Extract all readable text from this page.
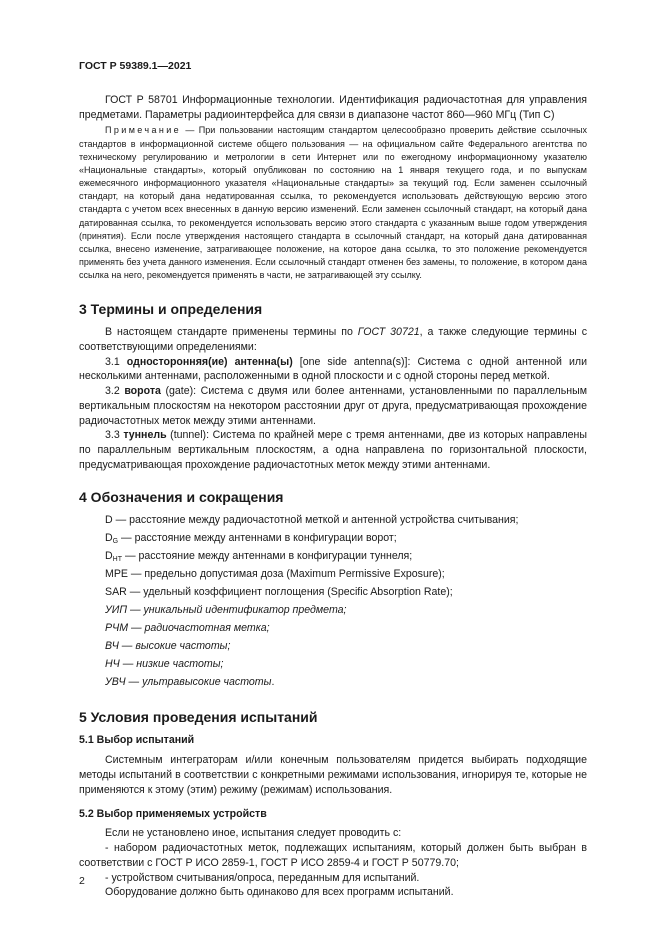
ГОСТ Р 59389.1—2021

ГОСТ Р 58701 Информационные технологии. Идентификация радиочастотная для управления предметами. Параметры радиоинтерфейса для связи в диапазоне частот 860—960 МГц (Тип С)

Примечание — При пользовании настоящим стандартом целесообразно проверить действие ссылочных стандартов в информационной системе общего пользования — на официальном сайте Федерального агентства по техническому регулированию и метрологии в сети Интернет или по ежегодному информационному указателю «Национальные стандарты», который опубликован по состоянию на 1 января текущего года, и по выпускам ежемесячного информационного указателя «Национальные стандарты» за текущий год. Если заменен ссылочный стандарт, на который дана недатированная ссылка, то рекомендуется использовать действующую версию этого стандарта с учетом всех внесенных в данную версию изменений. Если заменен ссылочный стандарт, на который дана датированная ссылка, то рекомендуется использовать версию этого стандарта с указанным выше годом утверждения (принятия). Если после утверждения настоящего стандарта в ссылочный стандарт, на который дана датированная ссылка, внесено изменение, затрагивающее положение, на которое дана ссылка, то это положение рекомендуется применять без учета данного изменения. Если ссылочный стандарт отменен без замены, то положение, в котором дана ссылка на него, рекомендуется применять в части, не затрагивающей эту ссылку.

3 Термины и определения

В настоящем стандарте применены термины по ГОСТ 30721, а также следующие термины с соответствующими определениями:

3.1 односторонняя(ие) антенна(ы) [one side antenna(s)]: Система с одной антенной или несколькими антеннами, расположенными в одной плоскости и с одной стороны перед меткой.

3.2 ворота (gate): Система с двумя или более антеннами, установленными по параллельным вертикальным плоскостям на некотором расстоянии друг от друга, предусматривающая прохождение радиочастотных меток между этими антеннами.

3.3 туннель (tunnel): Система по крайней мере с тремя антеннами, две из которых направлены по параллельным вертикальным плоскостям, а одна направлена по горизонтальной плоскости, предусматривающая прохождение радиочастотных меток между этими антеннами.

4 Обозначения и сокращения

D — расстояние между радиочастотной меткой и антенной устройства считывания;

$D_G$ — расстояние между антеннами в конфигурации ворот;

$D_{НТ}$ — расстояние между антеннами в конфигурации туннеля;

MPE — предельно допустимая доза (Maximum Permissive Exposure);

SAR — удельный коэффициент поглощения (Specific Absorption Rate);

УИП — уникальный идентификатор предмета;

РЧМ — радиочастотная метка;

ВЧ — высокие частоты;

НЧ — низкие частоты;

УВЧ — ультравысокие частоты.

5 Условия проведения испытаний
5.1 Выбор испытаний

Системным интеграторам и/или конечным пользователям придется выбирать подходящие методы испытаний в соответствии с конкретными режимами использования, игнорируя те, которые не применяются к этому (этим) режиму (режимам) использования.

5.2 Выбор применяемых устройств

Если не установлено иное, испытания следует проводить с:

- набором радиочастотных меток, подлежащих испытаниям, который должен быть выбран в соответствии с ГОСТ Р ИСО 2859-1, ГОСТ Р ИСО 2859-4 и ГОСТ Р 50779.70;

- устройством считывания/опроса, переданным для испытаний.

Оборудование должно быть одинаково для всех программ испытаний.

2
